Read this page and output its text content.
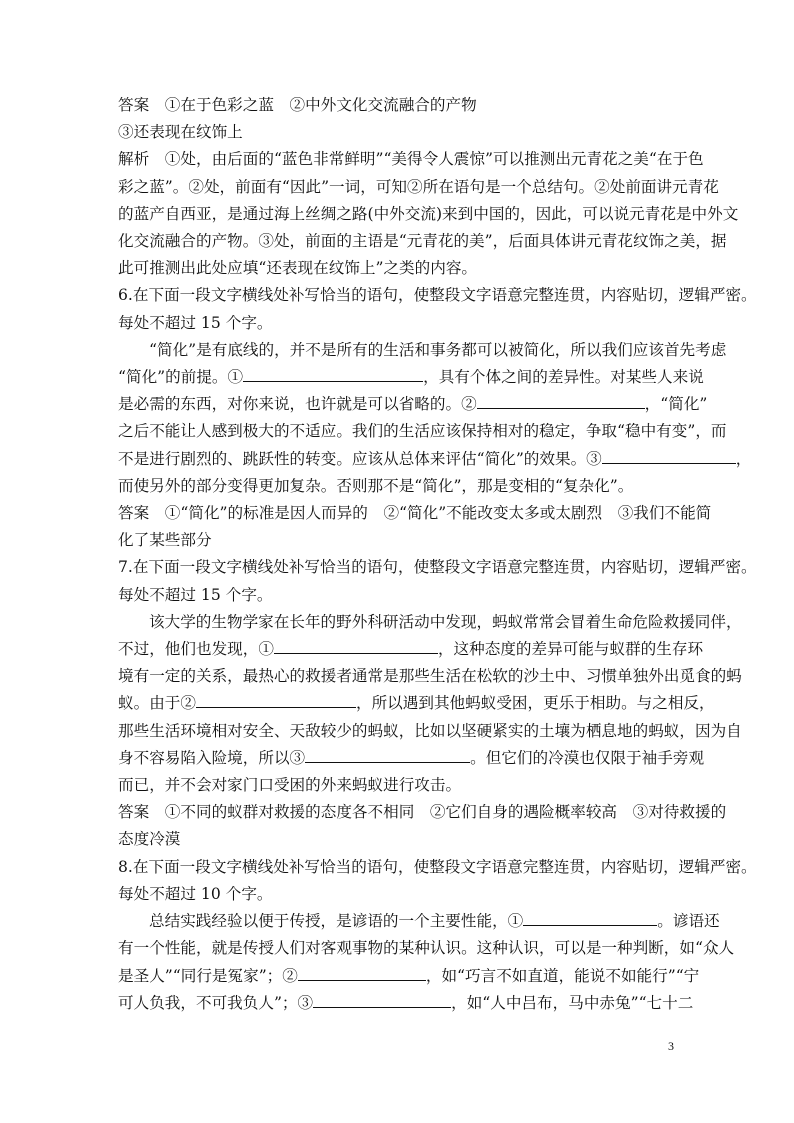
答案　①在于色彩之蓝　②中外文化交流融合的产物
③还表现在纹饰上
解析　①处，由后面的“蓝色非常鲜明”“美得令人震惊”可以推测出元青花之美“在于色
彩之蓝”。②处，前面有“因此”一词，可知②所在语句是一个总结句。②处前面讲元青花
的蓝产自西亚，是通过海上丝绸之路(中外交流)来到中国的，因此，可以说元青花是中外文
化交流融合的产物。③处，前面的主语是“元青花的美”，后面具体讲元青花纹饰之美，据
此可推测出此处应填“还表现在纹饰上”之类的内容。
6.在下面一段文字横线处补写恰当的语句，使整段文字语意完整连贯，内容贴切，逻辑严密。
每处不超过 15 个字。
“简化”是有底线的，并不是所有的生活和事务都可以被简化，所以我们应该首先考虑
“简化”的前提。①	，具有个体之间的差异性。对某些人来说
是必需的东西，对你来说，也许就是可以省略的。②	，“简化”
之后不能让人感到极大的不适应。我们的生活应该保持相对的稳定，争取“稳中有变”，而
不是进行剧烈的、跳跃性的转变。应该从总体来评估“简化”的效果。③	，
而使另外的部分变得更加复杂。否则那不是“简化”，那是变相的“复杂化”。
答案　①“简化”的标准是因人而异的　②“简化”不能改变太多或太剧烈　③我们不能简
化了某些部分
7.在下面一段文字横线处补写恰当的语句，使整段文字语意完整连贯，内容贴切，逻辑严密。
每处不超过 15 个字。
该大学的生物学家在长年的野外科研活动中发现，蚂蚁常常会冒着生命危险救援同伴，
不过，他们也发现，①	，这种态度的差异可能与蚁群的生存环
境有一定的关系，最热心的救援者通常是那些生活在松软的沙土中、习惯单独外出觅食的蚂
蚁。由于②	，所以遇到其他蚂蚁受困，更乐于相助。与之相反，
那些生活环境相对安全、天敌较少的蚂蚁，比如以坚硬紧实的土壤为栖息地的蚂蚁，因为自
身不容易陷入险境，所以③	。但它们的冷漠也仅限于袖手旁观
而已，并不会对家门口受困的外来蚂蚁进行攻击。
答案　①不同的蚁群对救援的态度各不相同　②它们自身的遇险概率较高　③对待救援的
态度冷漠
8.在下面一段文字横线处补写恰当的语句，使整段文字语意完整连贯，内容贴切，逻辑严密。
每处不超过 10 个字。
总结实践经验以便于传授，是谚语的一个主要性能，①	。谚语还
有一个性能，就是传授人们对客观事物的某种认识。这种认识，可以是一种判断，如“众人
是圣人”“同行是冤家”；②	，如“巧言不如直道，能说不如能行”“宁
可人负我，不可我负人”；③	，如“人中吕布，马中赤兔”“七十二
3
